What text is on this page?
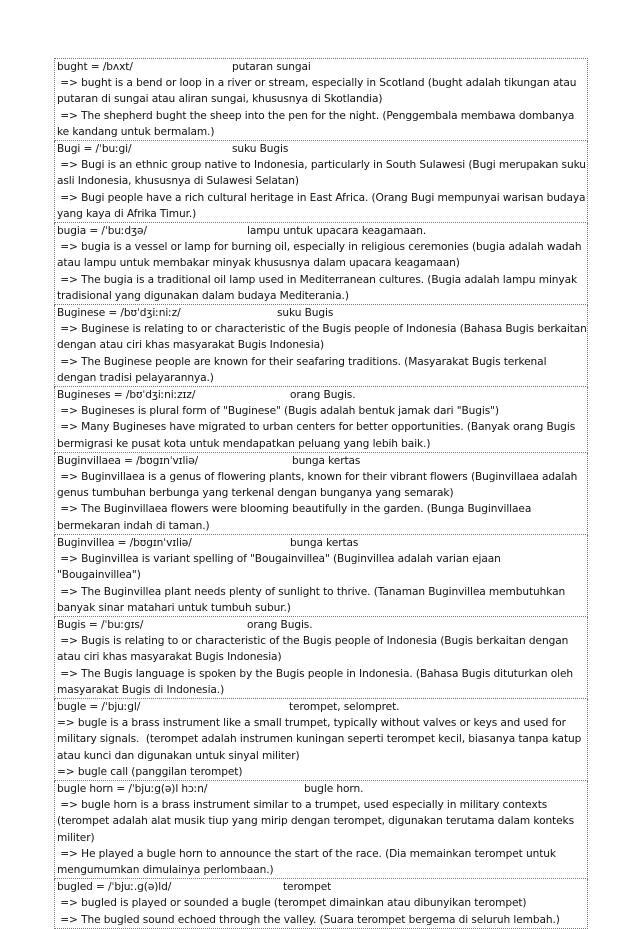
bught = /bʌxt/	putaran sungai
=> bught is a bend or loop in a river or stream, especially in Scotland (bught adalah tikungan atau putaran di sungai atau aliran sungai, khususnya di Skotlandia)
=> The shepherd bught the sheep into the pen for the night. (Penggembala membawa dombanya ke kandang untuk bermalam.)
Bugi = /ˈbuːgi/	suku Bugis
=> Bugi is an ethnic group native to Indonesia, particularly in South Sulawesi (Bugi merupakan suku asli Indonesia, khususnya di Sulawesi Selatan)
=> Bugi people have a rich cultural heritage in East Africa. (Orang Bugi mempunyai warisan budaya yang kaya di Afrika Timur.)
bugia = /ˈbuːdʒə/	lampu untuk upacara keagamaan.
=> bugia is a vessel or lamp for burning oil, especially in religious ceremonies (bugia adalah wadah atau lampu untuk membakar minyak khususnya dalam upacara keagamaan)
=> The bugia is a traditional oil lamp used in Mediterranean cultures. (Bugia adalah lampu minyak tradisional yang digunakan dalam budaya Mediterania.)
Buginese = /bʊˈdʒiːniːz/	suku Bugis
=> Buginese is relating to or characteristic of the Bugis people of Indonesia (Bahasa Bugis berkaitan dengan atau ciri khas masyarakat Bugis Indonesia)
=> The Buginese people are known for their seafaring traditions. (Masyarakat Bugis terkenal dengan tradisi pelayarannya.)
Bugineses = /bʊˈdʒiːniːzɪz/	orang Bugis.
=> Bugineses is plural form of "Buginese" (Bugis adalah bentuk jamak dari "Bugis")
=> Many Bugineses have migrated to urban centers for better opportunities. (Banyak orang Bugis bermigrasi ke pusat kota untuk mendapatkan peluang yang lebih baik.)
Buginvillaea = /bʊgɪnˈvɪliə/	bunga kertas
=> Buginvillaea is a genus of flowering plants, known for their vibrant flowers (Buginvillaea adalah genus tumbuhan berbunga yang terkenal dengan bunganya yang semarak)
=> The Buginvillaea flowers were blooming beautifully in the garden. (Bunga Buginvillaea bermekaran indah di taman.)
Buginvillea = /bʊgɪnˈvɪliə/	bunga kertas
=> Buginvillea is variant spelling of "Bougainvillea" (Buginvillea adalah varian ejaan "Bougainvillea")
=> The Buginvillea plant needs plenty of sunlight to thrive. (Tanaman Buginvillea membutuhkan banyak sinar matahari untuk tumbuh subur.)
Bugis = /ˈbuːgɪs/	orang Bugis.
=> Bugis is relating to or characteristic of the Bugis people of Indonesia (Bugis berkaitan dengan atau ciri khas masyarakat Bugis Indonesia)
=> The Bugis language is spoken by the Bugis people in Indonesia. (Bahasa Bugis dituturkan oleh masyarakat Bugis di Indonesia.)
bugle = /ˈbjuːgl/	terompet, selompret.
=> bugle is a brass instrument like a small trumpet, typically without valves or keys and used for military signals.  (terompet adalah instrumen kuningan seperti terompet kecil, biasanya tanpa katup atau kunci dan digunakan untuk sinyal militer)
=> bugle call (panggilan terompet)
bugle horn = /ˈbjuːg(ə)l hɔːn/	bugle horn.
=> bugle horn is a brass instrument similar to a trumpet, used especially in military contexts (terompet adalah alat musik tiup yang mirip dengan terompet, digunakan terutama dalam konteks militer)
=> He played a bugle horn to announce the start of the race. (Dia memainkan terompet untuk mengumumkan dimulainya perlombaan.)
bugled = /ˈbjuː.g(ə)ld/	terompet
=> bugled is played or sounded a bugle (terompet dimainkan atau dibunyikan terompet)
=> The bugled sound echoed through the valley. (Suara terompet bergema di seluruh lembah.)
